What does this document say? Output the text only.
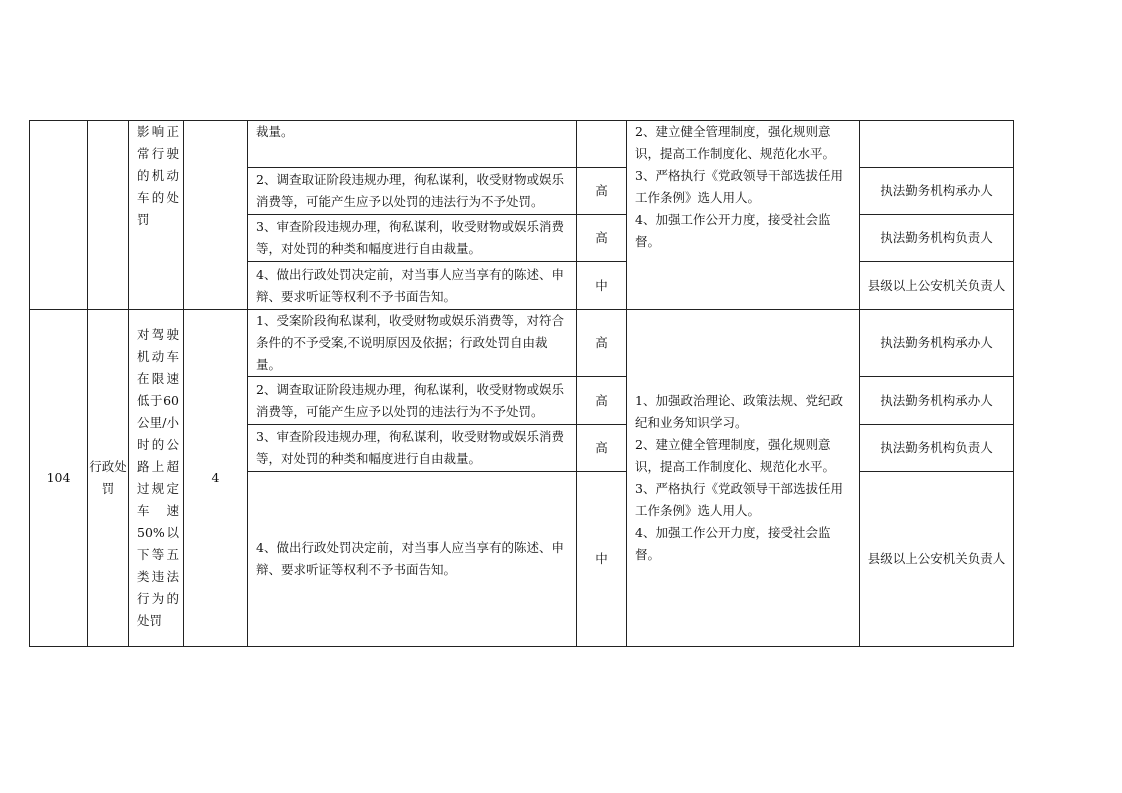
		影响正常行驶的机动车的处罚		裁量。		2、建立健全管理制度，强化规则意识，提高工作制度化、规范化水平。
3、严格执行《党政领导干部选拔任用工作条例》选人用人。
4、加强工作公开力度，接受社会监督。	

				2、调查取证阶段违规办理，徇私谋利，收受财物或娱乐消费等，可能产生应予以处罚的违法行为不予处罚。	高		执法勤务机构承办人
				3、审查阶段违规办理，徇私谋利，收受财物或娱乐消费等，对处罚的种类和幅度进行自由裁量。	高		执法勤务机构负责人
				4、做出行政处罚决定前，对当事人应当享有的陈述、申辩、要求听证等权利不予书面告知。	中		县级以上公安机关负责人
104	行政处罚	对驾驶机动车在限速低于60公里/小时的公路上超过规定车速50%以下等五类违法行为的处罚	4	1、受案阶段徇私谋利，收受财物或娱乐消费等，对符合条件的不予受案,不说明原因及依据；行政处罚自由裁量。	高	1、加强政治理论、政策法规、党纪政纪和业务知识学习。
2、建立健全管理制度，强化规则意识，提高工作制度化、规范化水平。
3、严格执行《党政领导干部选拔任用工作条例》选人用人。
4、加强工作公开力度，接受社会监督。	执法勤务机构承办人
				2、调查取证阶段违规办理，徇私谋利，收受财物或娱乐消费等，可能产生应予以处罚的违法行为不予处罚。	高		执法勤务机构承办人
				3、审查阶段违规办理，徇私谋利，收受财物或娱乐消费等，对处罚的种类和幅度进行自由裁量。	高		执法勤务机构负责人
				4、做出行政处罚决定前，对当事人应当享有的陈述、申辩、要求听证等权利不予书面告知。	中		县级以上公安机关负责人
